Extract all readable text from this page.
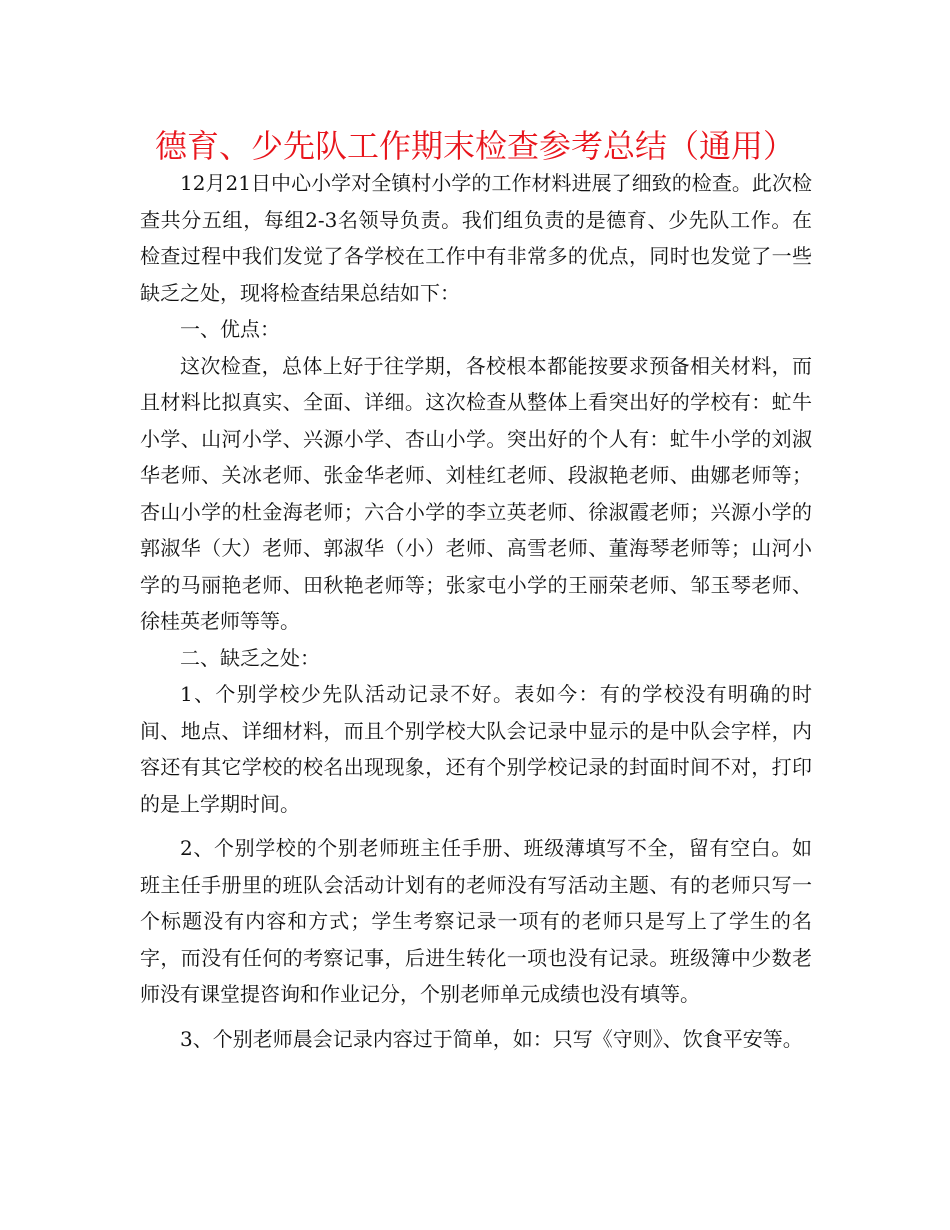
德育、少先队工作期末检查参考总结（通用）

12月21日中心小学对全镇村小学的工作材料进展了细致的检查。此次检查共分五组，每组2-3名领导负责。我们组负责的是德育、少先队工作。在检查过程中我们发觉了各学校在工作中有非常多的优点，同时也发觉了一些缺乏之处，现将检查结果总结如下：

一、优点：

这次检查，总体上好于往学期，各校根本都能按要求预备相关材料，而且材料比拟真实、全面、详细。这次检查从整体上看突出好的学校有：虻牛小学、山河小学、兴源小学、杏山小学。突出好的个人有：虻牛小学的刘淑华老师、关冰老师、张金华老师、刘桂红老师、段淑艳老师、曲娜老师等；杏山小学的杜金海老师；六合小学的李立英老师、徐淑霞老师；兴源小学的郭淑华（大）老师、郭淑华（小）老师、高雪老师、董海琴老师等；山河小学的马丽艳老师、田秋艳老师等；张家屯小学的王丽荣老师、邹玉琴老师、徐桂英老师等等。

二、缺乏之处：

1、个别学校少先队活动记录不好。表如今：有的学校没有明确的时间、地点、详细材料，而且个别学校大队会记录中显示的是中队会字样，内容还有其它学校的校名出现现象，还有个别学校记录的封面时间不对，打印的是上学期时间。

2、个别学校的个别老师班主任手册、班级薄填写不全，留有空白。如班主任手册里的班队会活动计划有的老师没有写活动主题、有的老师只写一个标题没有内容和方式；学生考察记录一项有的老师只是写上了学生的名字，而没有任何的考察记事，后进生转化一项也没有记录。班级簿中少数老师没有课堂提咨询和作业记分，个别老师单元成绩也没有填等。

3、个别老师晨会记录内容过于简单，如：只写《守则》、饮食平安等。
